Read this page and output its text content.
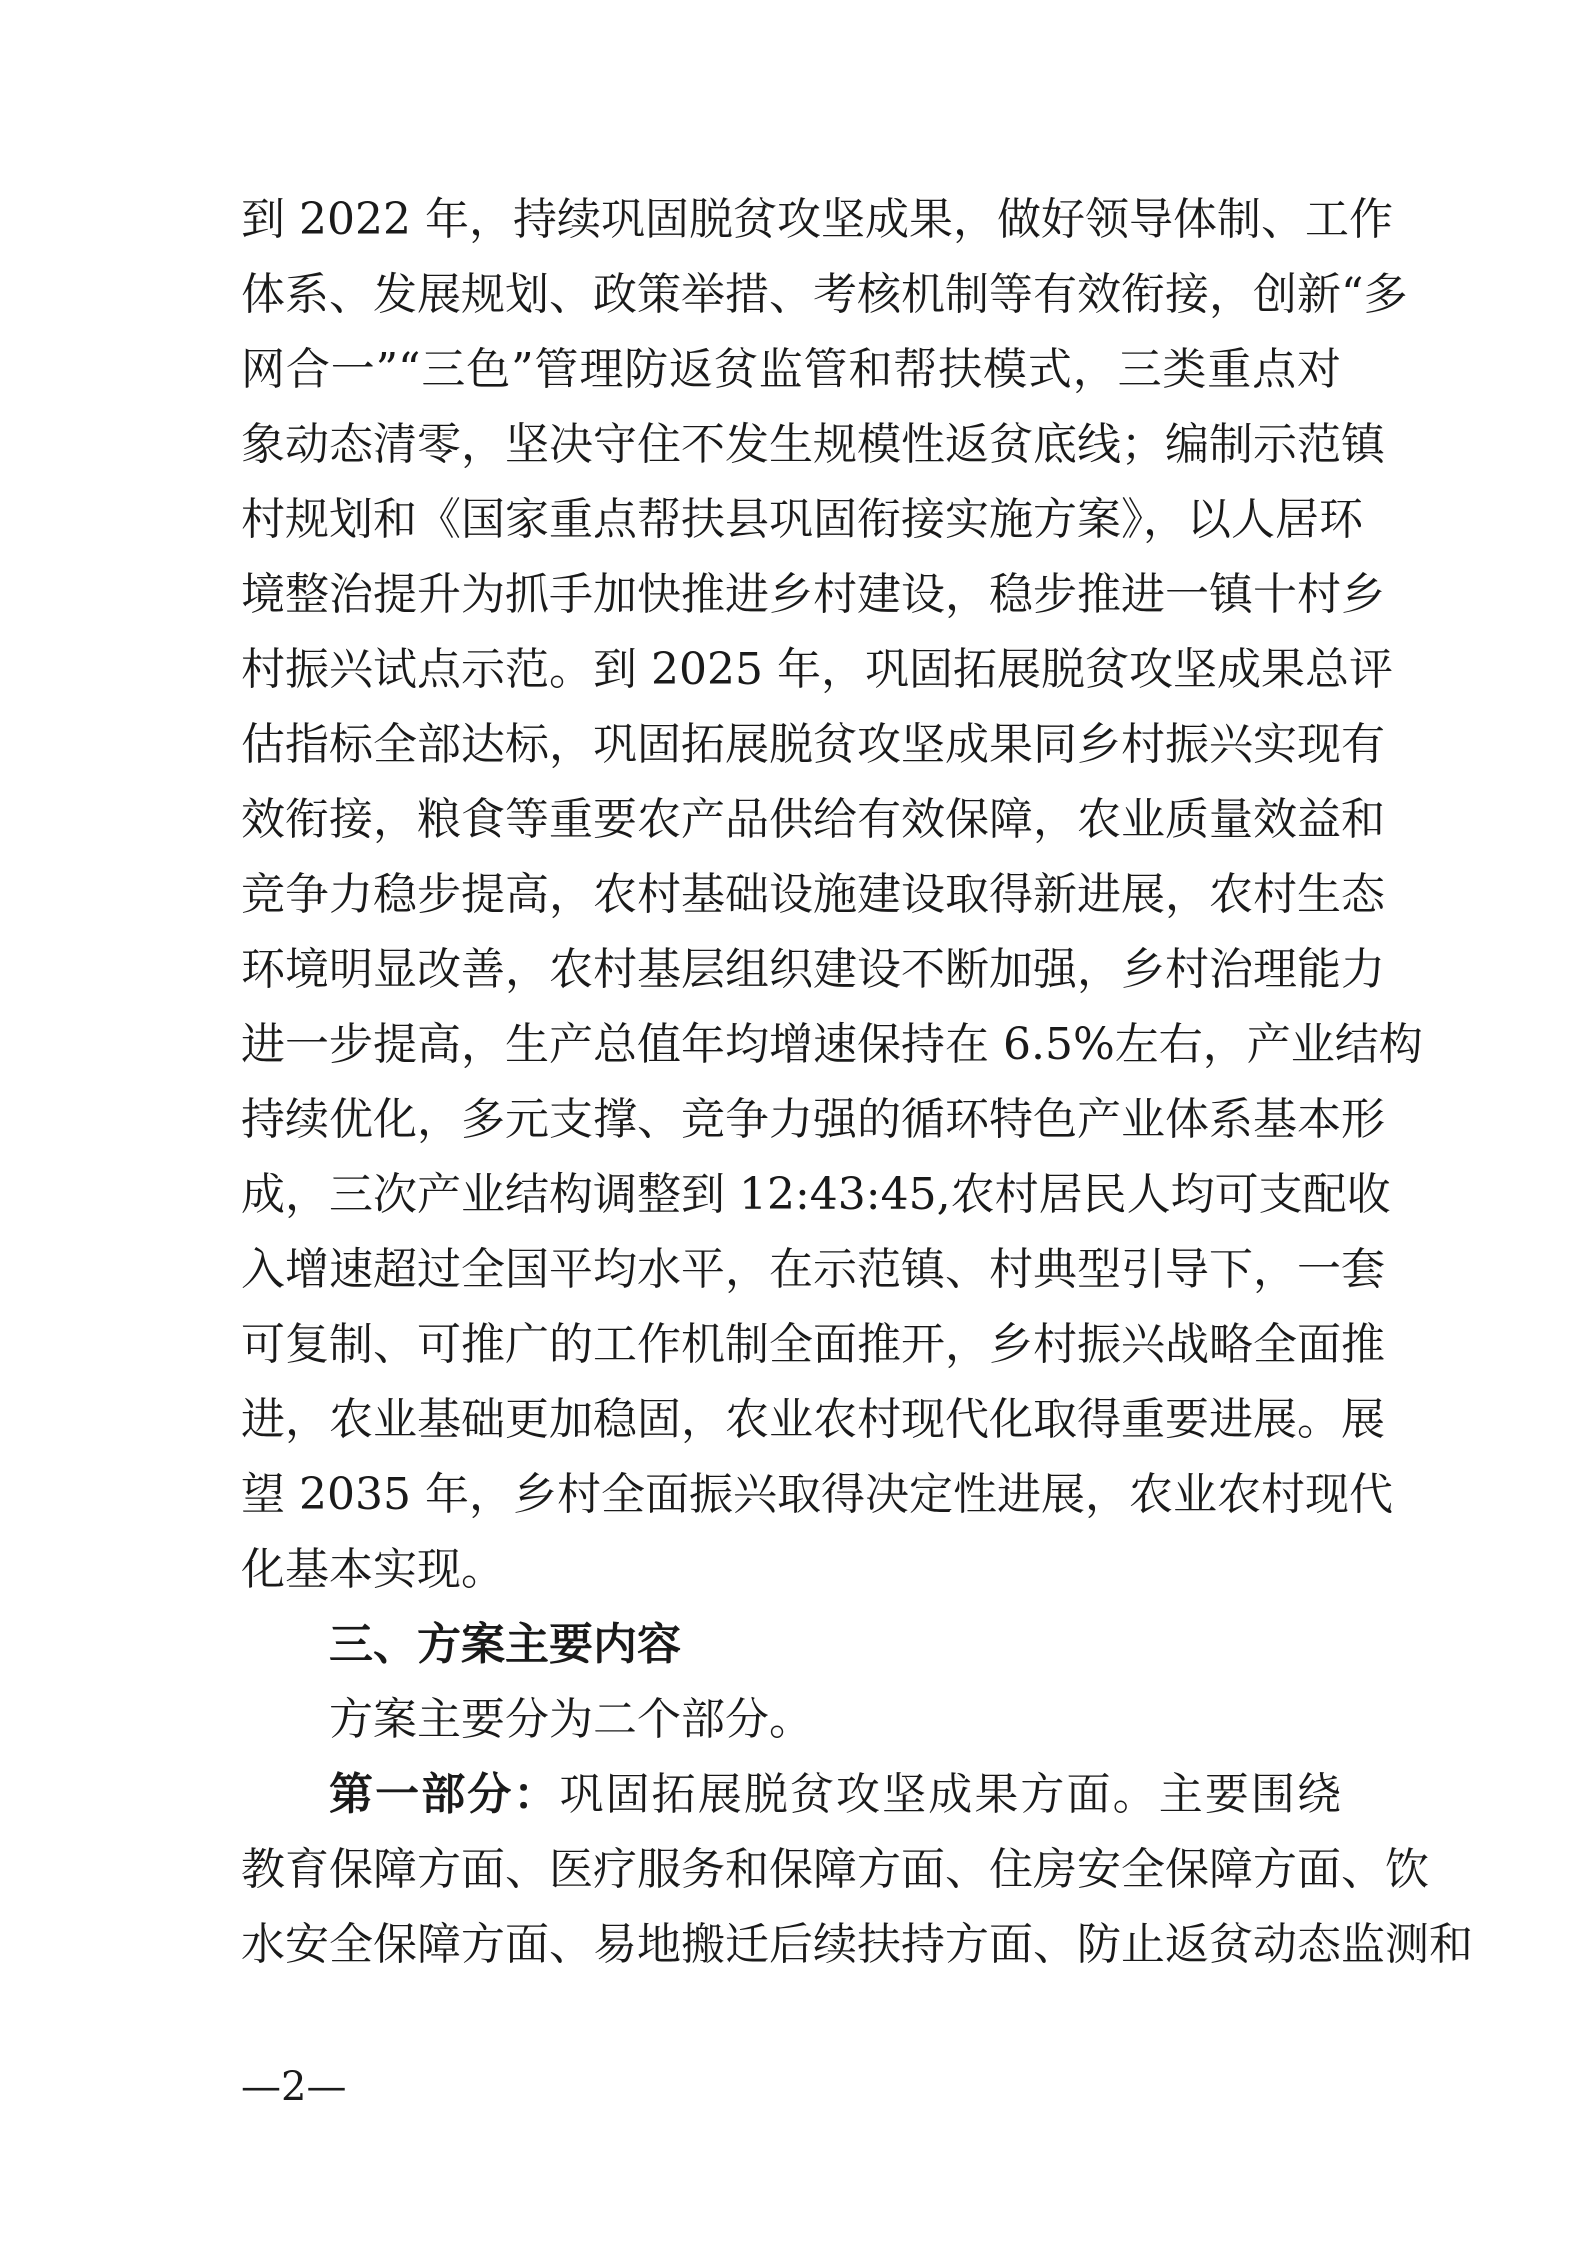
到 2022 年，持续巩固脱贫攻坚成果，做好领导体制、工作
体系、发展规划、政策举措、考核机制等有效衔接，创新“多
网合一”“三色”管理防返贫监管和帮扶模式，三类重点对
象动态清零，坚决守住不发生规模性返贫底线；编制示范镇
村规划和《国家重点帮扶县巩固衔接实施方案》，以人居环
境整治提升为抓手加快推进乡村建设，稳步推进一镇十村乡
村振兴试点示范。到 2025 年，巩固拓展脱贫攻坚成果总评
估指标全部达标，巩固拓展脱贫攻坚成果同乡村振兴实现有
效衔接，粮食等重要农产品供给有效保障，农业质量效益和
竞争力稳步提高，农村基础设施建设取得新进展，农村生态
环境明显改善，农村基层组织建设不断加强，乡村治理能力
进一步提高，生产总值年均增速保持在 6.5%左右，产业结构
持续优化，多元支撑、竞争力强的循环特色产业体系基本形
成，三次产业结构调整到 12:43:45,农村居民人均可支配收
入增速超过全国平均水平，在示范镇、村典型引导下，一套
可复制、可推广的工作机制全面推开，乡村振兴战略全面推
进，农业基础更加稳固，农业农村现代化取得重要进展。展
望 2035 年，乡村全面振兴取得决定性进展，农业农村现代
化基本实现。
三、方案主要内容
方案主要分为二个部分。
第一部分：巩固拓展脱贫攻坚成果方面。主要围绕
教育保障方面、医疗服务和保障方面、住房安全保障方面、饮
水安全保障方面、易地搬迁后续扶持方面、防止返贫动态监测和
—2—
